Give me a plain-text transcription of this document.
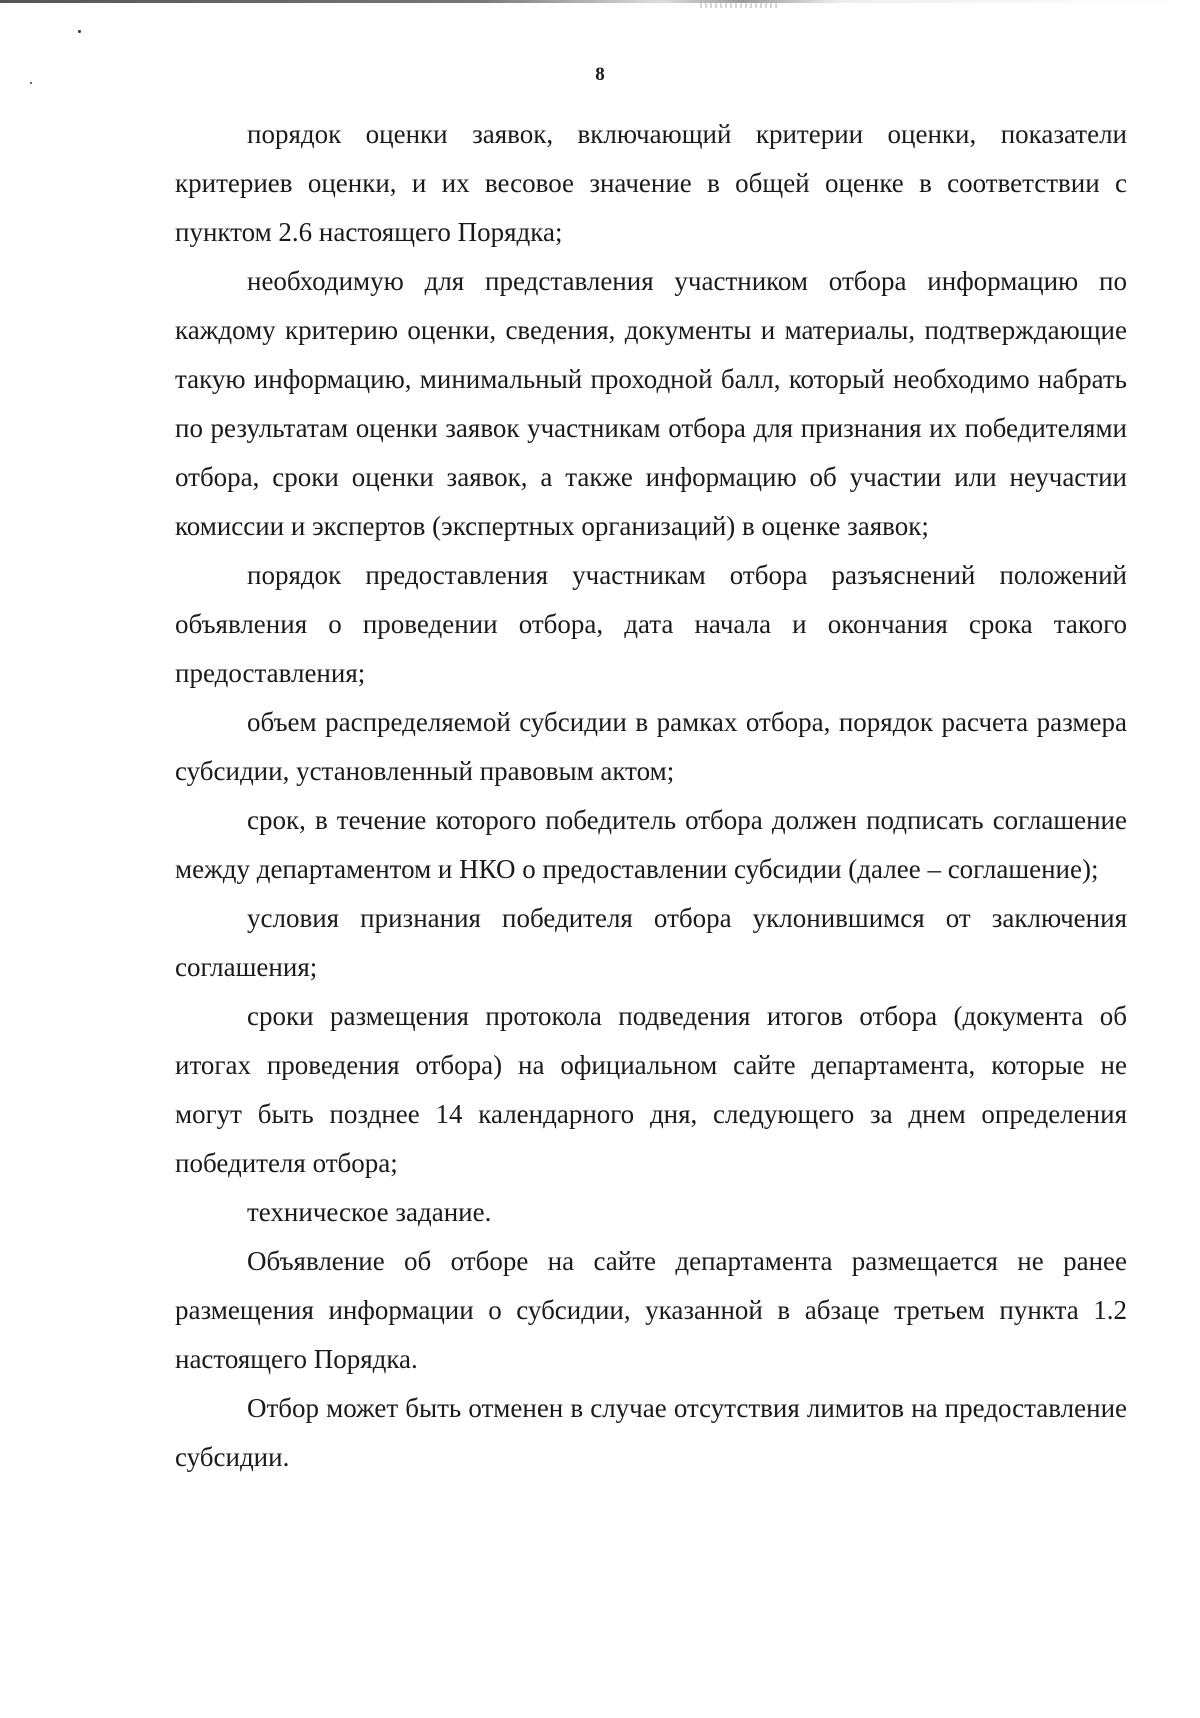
8

порядок оценки заявок, включающий критерии оценки, показатели критериев оценки, и их весовое значение в общей оценке в соответствии с пунктом 2.6 настоящего Порядка;

необходимую для представления участником отбора информацию по каждому критерию оценки, сведения, документы и материалы, подтверждающие такую информацию, минимальный проходной балл, который необходимо набрать по результатам оценки заявок участникам отбора для признания их победителями отбора, сроки оценки заявок, а также информацию об участии или неучастии комиссии и экспертов (экспертных организаций) в оценке заявок;

порядок предоставления участникам отбора разъяснений положений объявления о проведении отбора, дата начала и окончания срока такого предоставления;

объем распределяемой субсидии в рамках отбора, порядок расчета размера субсидии, установленный правовым актом;

срок, в течение которого победитель отбора должен подписать соглашение между департаментом и НКО о предоставлении субсидии (далее – соглашение);

условия признания победителя отбора уклонившимся от заключения соглашения;

сроки размещения протокола подведения итогов отбора (документа об итогах проведения отбора) на официальном сайте департамента, которые не могут быть позднее 14 календарного дня, следующего за днем определения победителя отбора;

техническое задание.

Объявление об отборе на сайте департамента размещается не ранее размещения информации о субсидии, указанной в абзаце третьем пункта 1.2 настоящего Порядка.

Отбор может быть отменен в случае отсутствия лимитов на предоставление субсидии.
